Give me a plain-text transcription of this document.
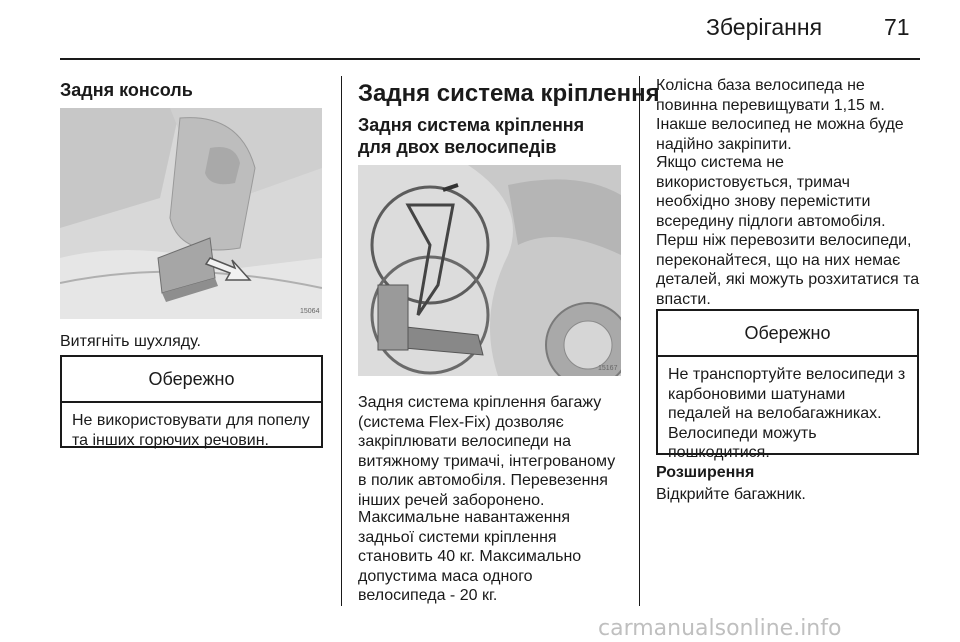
Зберігання	71
Задня консоль
15064

Витягніть шухляду.

Обережно
Не використовувати для попелу та інших горючих речовин.
Задня система кріплення
Задня система кріплення для двох велосипедів
15167

Задня система кріплення багажу (система Flex-Fix) дозволяє закріплювати велосипеди на витяжному тримачі, інтегрованому в полик автомобіля. Перевезення інших речей заборонено.

Максимальне навантаження задньої системи кріплення становить 40 кг. Максимально допустима маса одного велосипеда - 20 кг.

Колісна база велосипеда не повинна перевищувати 1,15 м. Інакше велосипед не можна буде надійно закріпити.

Якщо система не використовується, тримач необхідно знову перемістити всередину підлоги автомобіля.

Перш ніж перевозити велосипеди, переконайтеся, що на них немає деталей, які можуть розхитатися та впасти.

Обережно
Не транспортуйте велосипеди з карбоновими шатунами педалей на велобагажниках. Велосипеди можуть пошкодитися.
Розширення

Відкрийте багажник.

carmanualsonline.info
